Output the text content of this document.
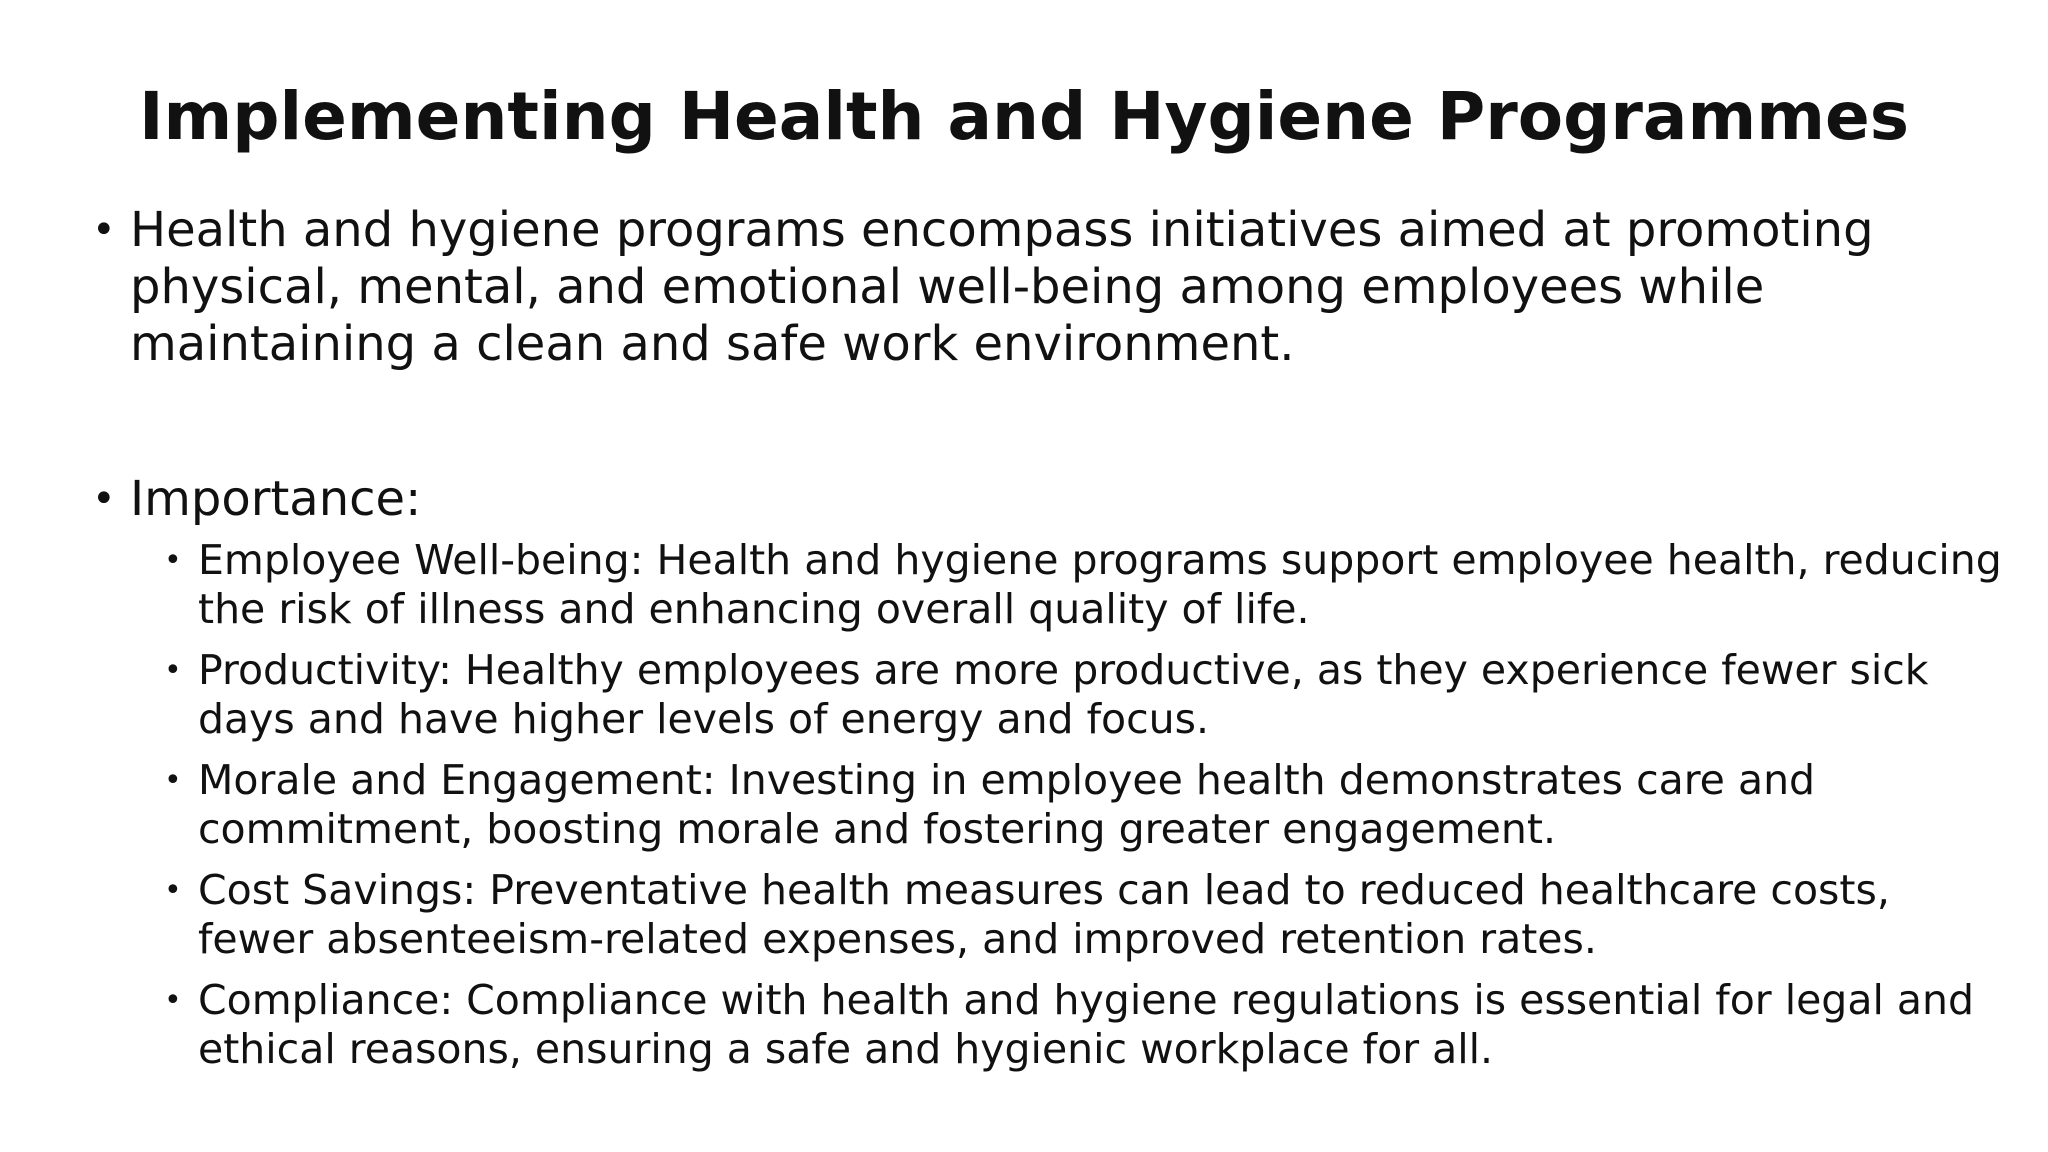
Implementing Health and Hygiene Programmes

• Health and hygiene programs encompass initiatives aimed at promoting physical, mental, and emotional well-being among employees while maintaining a clean and safe work environment.

• Importance:

• Employee Well-being: Health and hygiene programs support employee health, reducing the risk of illness and enhancing overall quality of life.

• Productivity: Healthy employees are more productive, as they experience fewer sick days and have higher levels of energy and focus.

• Morale and Engagement: Investing in employee health demonstrates care and commitment, boosting morale and fostering greater engagement.

• Cost Savings: Preventative health measures can lead to reduced healthcare costs, fewer absenteeism-related expenses, and improved retention rates.

• Compliance: Compliance with health and hygiene regulations is essential for legal and ethical reasons, ensuring a safe and hygienic workplace for all.
